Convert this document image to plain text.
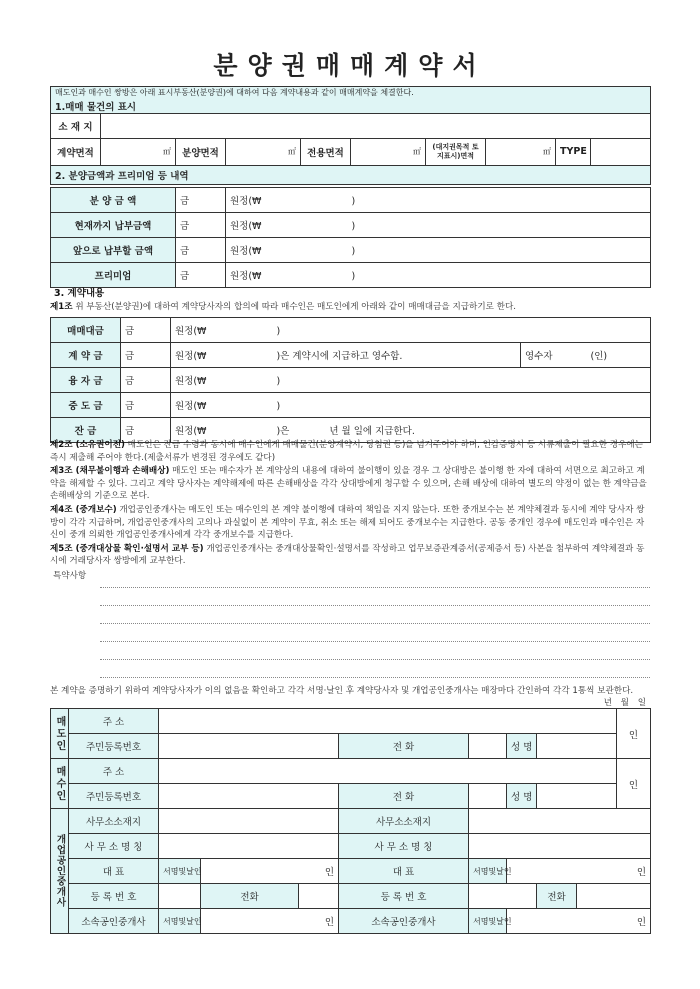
분양권매매계약서
매도인과 매수인 쌍방은 아래 표시부동산(분양권)에 대하여 다음 계약내용과 같이 매매계약을 체결한다.									
1.매매 물건의 표시									
소 재 지									
계약면적	㎡	분양면적	㎡	전용면적	㎡	(대지권목적 토지표시)면적	㎡	TYPE	
2. 분양금액과 프리미엄 등 내역									
분 양 금 액	금	원정(₩ )
현재까지 납부금액	금	원정(₩ )
앞으로 납부할 금액	금	원정(₩ )
프리미엄	금	원정(₩ )
3. 계약내용
제1조 위 부동산(분양권)에 대하여 계약당사자의 합의에 따라 매수인은 매도인에게 아래와 같이 매매대금을 지급하기로 한다.
매매대금	금	원정(₩ )	
계 약 금	금	원정(₩ )은 계약시에 지급하고 영수함.	영수자 (인)
융 자 금	금	원정(₩ )	
중 도 금	금	원정(₩ )	
잔 금	금	원정(₩ )은 년 월 일에 지급한다.	
제2조 (소유권이전) 매도인은 잔금 수령과 동시에 매수인에게 매매물건(분양계약서, 당첨권 등)을 넘겨주어야 하며, 인감증명서 등 서류제출이 필요한 경우에는 즉시 제출해 주어야 한다.(제출서류가 변경된 경우에도 같다)
제3조 (채무불이행과 손해배상) 매도인 또는 매수자가 본 계약상의 내용에 대하여 불이행이 있을 경우 그 상대방은 불이행 한 자에 대하여 서면으로 최고하고 계약을 해제할 수 있다. 그리고 계약 당사자는 계약해제에 따른 손해배상을 각각 상대방에게 청구할 수 있으며, 손해 배상에 대하여 별도의 약정이 없는 한 계약금을 손해배상의 기준으로 본다.
제4조 (중개보수) 개업공인중개사는 매도인 또는 매수인의 본 계약 불이행에 대하여 책임을 지지 않는다. 또한 중개보수는 본 계약체결과 동시에 계약 당사자 쌍방이 각각 지급하며, 개업공인중개사의 고의나 과실없이 본 계약이 무효, 취소 또는 해제 되어도 중개보수는 지급한다. 공동 중개인 경우에 매도인과 매수인은 자신이 중개 의뢰한 개업공인중개사에게 각각 중개보수를 지급한다.
제5조 (중개대상물 확인·설명서 교부 등) 개업공인중개사는 중개대상물확인·설명서를 작성하고 업무보증관계증서(공제증서 등) 사본을 첨부하여 계약체결과 동시에 거래당사자 쌍방에게 교부한다.
특약사항
본 계약을 증명하기 위하여 계약당사자가 이의 없음을 확인하고 각각 서명·날인 후 계약당사자 및 개업공인중개사는 매장마다 간인하여 각각 1통씩 보관한다.
년 월 일
매도인	주 소									인
	주민등록번호				전 화		성 명			
매수인	주 소									인
	주민등록번호				전 화		성 명			
개업공인중개사	사무소소재지				사무소소재지					
	사 무 소 명 칭				사 무 소 명 칭					
	대 표	서명및날인	인		대 표	서명및날인	인			
	등 록 번 호		전화		등 록 번 호			전화		
	소속공인중개사	서명및날인	인		소속공인중개사	서명및날인	인			
